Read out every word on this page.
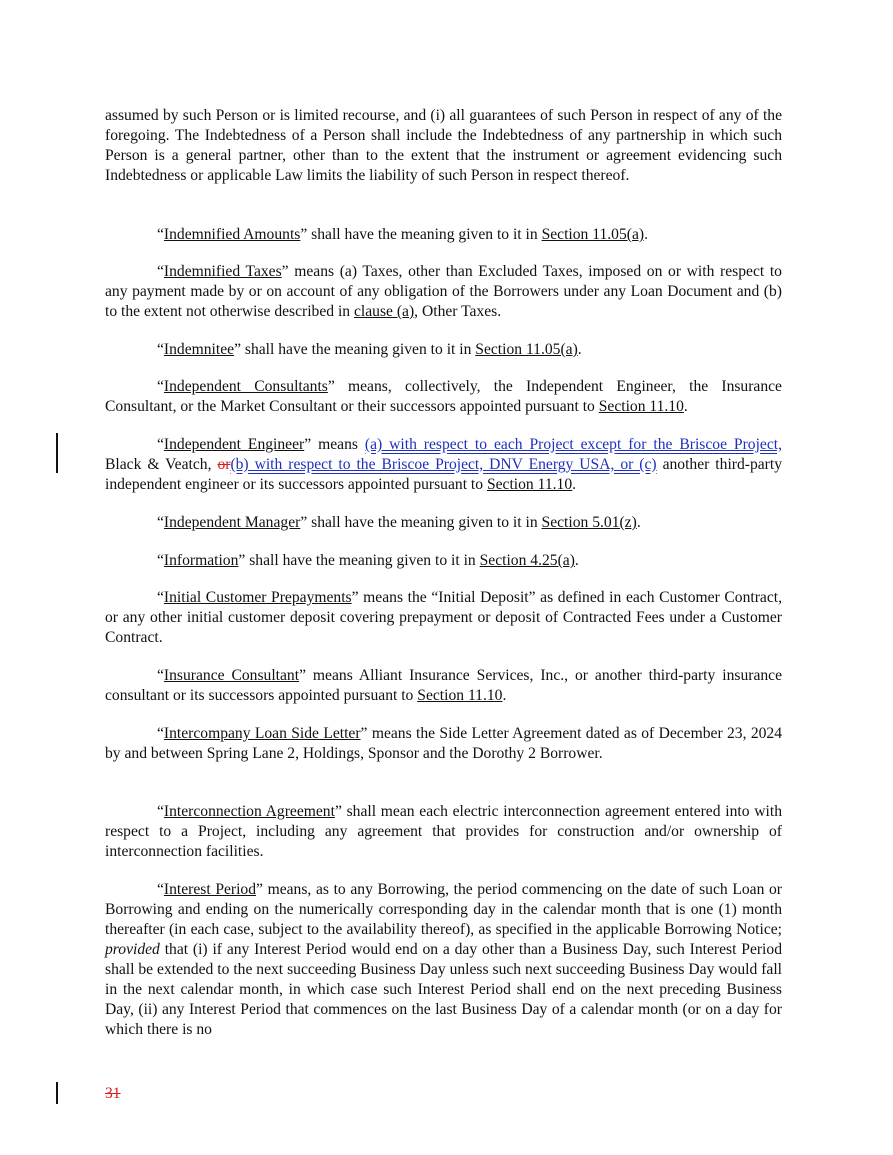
assumed by such Person or is limited recourse, and (i) all guarantees of such Person in respect of any of the foregoing. The Indebtedness of a Person shall include the Indebtedness of any partnership in which such Person is a general partner, other than to the extent that the instrument or agreement evidencing such Indebtedness or applicable Law limits the liability of such Person in respect thereof.

“Indemnified Amounts” shall have the meaning given to it in Section 11.05(a).

“Indemnified Taxes” means (a) Taxes, other than Excluded Taxes, imposed on or with respect to any payment made by or on account of any obligation of the Borrowers under any Loan Document and (b) to the extent not otherwise described in clause (a), Other Taxes.

“Indemnitee” shall have the meaning given to it in Section 11.05(a).

“Independent Consultants” means, collectively, the Independent Engineer, the Insurance Consultant, or the Market Consultant or their successors appointed pursuant to Section 11.10.

“Independent Engineer” means (a) with respect to each Project except for the Briscoe Project, Black & Veatch, or(b) with respect to the Briscoe Project, DNV Energy USA, or (c) another third-party independent engineer or its successors appointed pursuant to Section 11.10.

“Independent Manager” shall have the meaning given to it in Section 5.01(z).

“Information” shall have the meaning given to it in Section 4.25(a).

“Initial Customer Prepayments” means the “Initial Deposit” as defined in each Customer Contract, or any other initial customer deposit covering prepayment or deposit of Contracted Fees under a Customer Contract.

“Insurance Consultant” means Alliant Insurance Services, Inc., or another third-party insurance consultant or its successors appointed pursuant to Section 11.10.

“Intercompany Loan Side Letter” means the Side Letter Agreement dated as of December 23, 2024 by and between Spring Lane 2, Holdings, Sponsor and the Dorothy 2 Borrower.

“Interconnection Agreement” shall mean each electric interconnection agreement entered into with respect to a Project, including any agreement that provides for construction and/or ownership of interconnection facilities.

“Interest Period” means, as to any Borrowing, the period commencing on the date of such Loan or Borrowing and ending on the numerically corresponding day in the calendar month that is one (1) month thereafter (in each case, subject to the availability thereof), as specified in the applicable Borrowing Notice; provided that (i) if any Interest Period would end on a day other than a Business Day, such Interest Period shall be extended to the next succeeding Business Day unless such next succeeding Business Day would fall in the next calendar month, in which case such Interest Period shall end on the next preceding Business Day, (ii) any Interest Period that commences on the last Business Day of a calendar month (or on a day for which there is no

31
